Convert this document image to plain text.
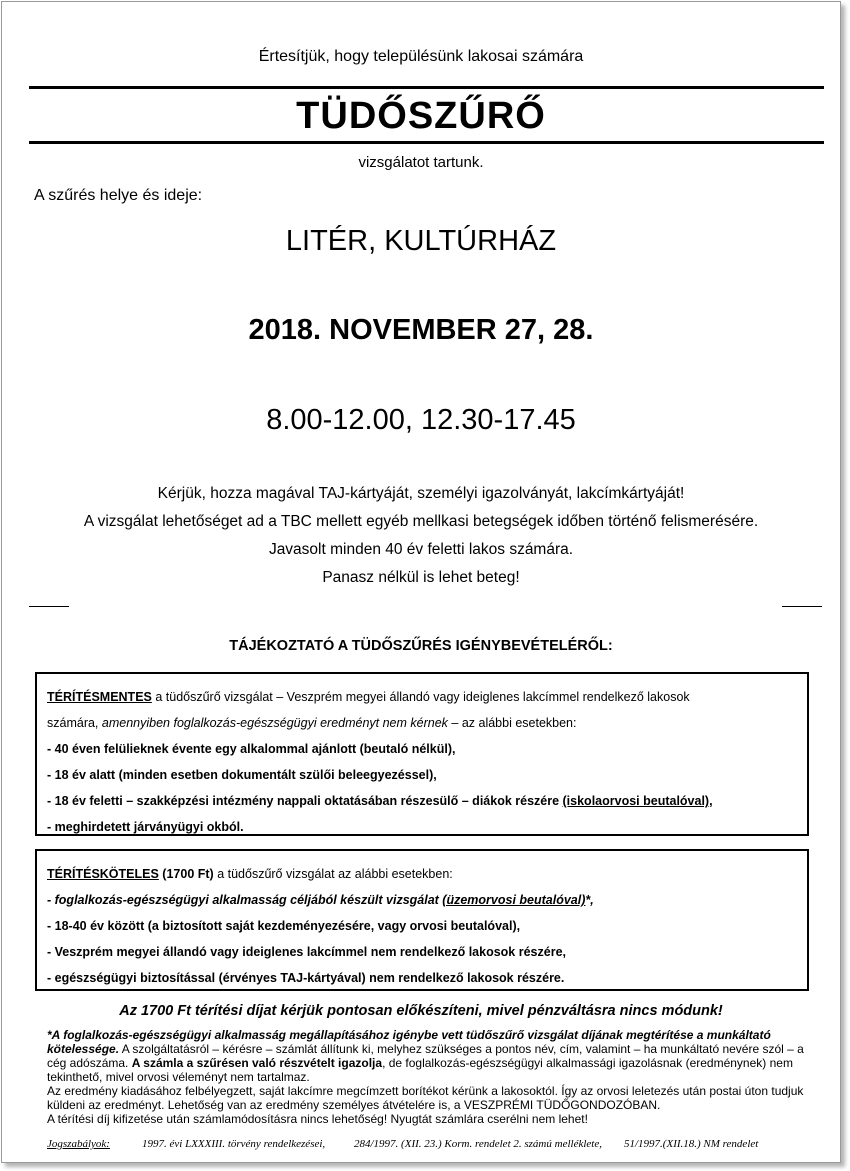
Értesítjük, hogy településünk lakosai számára
TÜDŐSZŰRŐ
vizsgálatot tartunk.
A szűrés helye és ideje:
LITÉR, KULTÚRHÁZ
2018. NOVEMBER 27, 28.
8.00-12.00, 12.30-17.45
Kérjük, hozza magával TAJ-kártyáját, személyi igazolványát, lakcímkártyáját!
A vizsgálat lehetőséget ad a TBC mellett egyéb mellkasi betegségek időben történő felismerésére.
Javasolt minden 40 év feletti lakos számára.
Panasz nélkül is lehet beteg!
TÁJÉKOZTATÓ A TÜDŐSZŰRÉS IGÉNYBEVÉTELÉRŐL:
TÉRÍTÉSMENTES a tüdőszűrő vizsgálat – Veszprém megyei állandó vagy ideiglenes lakcímmel rendelkező lakosok
számára, amennyiben foglalkozás-egészségügyi eredményt nem kérnek – az alábbi esetekben:
- 40 éven felülieknek évente egy alkalommal ajánlott (beutaló nélkül),
- 18 év alatt (minden esetben dokumentált szülői beleegyezéssel),
- 18 év feletti – szakképzési intézmény nappali oktatásában részesülő – diákok részére (iskolaorvosi beutalóval),
- meghirdetett járványügyi okból.
TÉRÍTÉSKÖTELES (1700 Ft) a tüdőszűrő vizsgálat az alábbi esetekben:
- foglalkozás-egészségügyi alkalmasság céljából készült vizsgálat (üzemorvosi beutalóval)*,
- 18-40 év között (a biztosított saját kezdeményezésére, vagy orvosi beutalóval),
- Veszprém megyei állandó vagy ideiglenes lakcímmel nem rendelkező lakosok részére,
- egészségügyi biztosítással (érvényes TAJ-kártyával) nem rendelkező lakosok részére.
Az 1700 Ft térítési díjat kérjük pontosan előkészíteni, mivel pénzváltásra nincs módunk!
*A foglalkozás-egészségügyi alkalmasság megállapításához igénybe vett tüdőszűrő vizsgálat díjának megtérítése a munkáltató kötelessége. A szolgáltatásról – kérésre – számlát állítunk ki, melyhez szükséges a pontos név, cím, valamint – ha munkáltató nevére szól – a cég adószáma. A számla a szűrésen való részvételt igazolja, de foglalkozás-egészségügyi alkalmassági igazolásnak (eredménynek) nem tekinthető, mivel orvosi véleményt nem tartalmaz.
Az eredmény kiadásához felbélyegzett, saját lakcímre megcímzett borítékot kérünk a lakosoktól. Így az orvosi leletezés után postai úton tudjuk küldeni az eredményt. Lehetőség van az eredmény személyes átvételére is, a VESZPRÉMI TÜDŐGONDOZÓBAN.
A térítési díj kifizetése után számlamódosításra nincs lehetőség! Nyugtát számlára cserélni nem lehet!
Jogszabályok:	1997. évi LXXXIII. törvény rendelkezései,	284/1997. (XII. 23.) Korm. rendelet 2. számú melléklete, 51/1997.(XII.18.) NM rendelet
